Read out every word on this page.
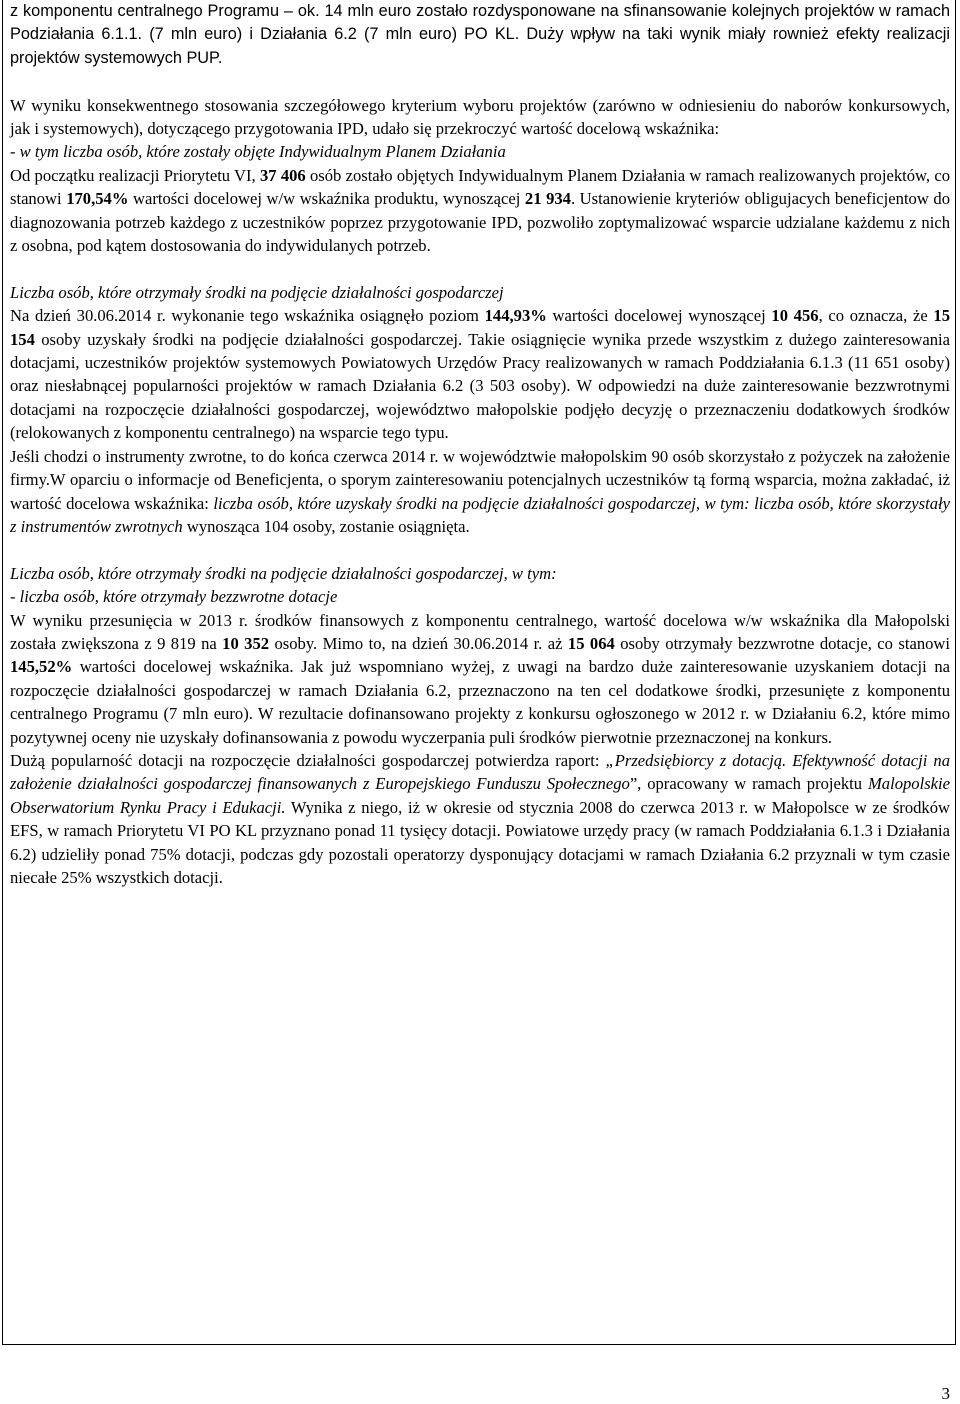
z komponentu centralnego Programu – ok. 14 mln euro zostało rozdysponowane na sfinansowanie kolejnych projektów w ramach Podziałania 6.1.1. (7 mln euro) i Działania 6.2 (7 mln euro) PO KL. Duży wpływ na taki wynik miały rownież efekty realizacji projektów systemowych PUP.

W wyniku konsekwentnego stosowania szczegółowego kryterium wyboru projektów (zarówno w odniesieniu do naborów konkursowych, jak i systemowych), dotyczącego przygotowania IPD, udało się przekroczyć wartość docelową wskaźnika:

- w tym liczba osób, które zostały objęte Indywidualnym Planem Działania

Od początku realizacji Priorytetu VI, 37 406 osób zostało objętych Indywidualnym Planem Działania w ramach realizowanych projektów, co stanowi 170,54% wartości docelowej w/w wskaźnika produktu, wynoszącej 21 934. Ustanowienie kryteriów obligujacych beneficjentow do diagnozowania potrzeb każdego z uczestników poprzez przygotowanie IPD, pozwoliło zoptymalizować wsparcie udzialane każdemu z nich z osobna, pod kątem dostosowania do indywidulanych potrzeb.

Liczba osób, które otrzymały środki na podjęcie działalności gospodarczej

Na dzień 30.06.2014 r. wykonanie tego wskaźnika osiągnęło poziom 144,93% wartości docelowej wynoszącej 10 456, co oznacza, że 15 154 osoby uzyskały środki na podjęcie działalności gospodarczej. Takie osiągnięcie wynika przede wszystkim z dużego zainteresowania dotacjami, uczestników projektów systemowych Powiatowych Urzędów Pracy realizowanych w ramach Poddziałania 6.1.3 (11 651 osoby) oraz niesłabnącej popularności projektów w ramach Działania 6.2 (3 503 osoby). W odpowiedzi na duże zainteresowanie bezzwrotnymi dotacjami na rozpoczęcie działalności gospodarczej, województwo małopolskie podjęło decyzję o przeznaczeniu dodatkowych środków (relokowanych z komponentu centralnego) na wsparcie tego typu.

Jeśli chodzi o instrumenty zwrotne, to do końca czerwca 2014 r. w województwie małopolskim 90 osób skorzystało z pożyczek na założenie firmy.W oparciu o informacje od Beneficjenta, o sporym zainteresowaniu potencjalnych uczestników tą formą wsparcia, można zakładać, iż wartość docelowa wskaźnika: liczba osób, które uzyskały środki na podjęcie działalności gospodarczej, w tym: liczba osób, które skorzystały z instrumentów zwrotnych wynosząca 104 osoby, zostanie osiągnięta.

Liczba osób, które otrzymały środki na podjęcie działalności gospodarczej, w tym:

- liczba osób, które otrzymały bezzwrotne dotacje

W wyniku przesunięcia w 2013 r. środków finansowych z komponentu centralnego, wartość docelowa w/w wskaźnika dla Małopolski została zwiększona z 9 819 na 10 352 osoby. Mimo to, na dzień 30.06.2014 r. aż 15 064 osoby otrzymały bezzwrotne dotacje, co stanowi 145,52% wartości docelowej wskaźnika. Jak już wspomniano wyżej, z uwagi na bardzo duże zainteresowanie uzyskaniem dotacji na rozpoczęcie działalności gospodarczej w ramach Działania 6.2, przeznaczono na ten cel dodatkowe środki, przesunięte z komponentu centralnego Programu (7 mln euro). W rezultacie dofinansowano projekty z konkursu ogłoszonego w 2012 r. w Działaniu 6.2, które mimo pozytywnej oceny nie uzyskały dofinansowania z powodu wyczerpania puli środków pierwotnie przeznaczonej na konkurs.

Dużą popularność dotacji na rozpoczęcie działalności gospodarczej potwierdza raport: „Przedsiębiorcy z dotacją. Efektywność dotacji na założenie działalności gospodarczej finansowanych z Europejskiego Funduszu Społecznego”, opracowany w ramach projektu Malopolskie Obserwatorium Rynku Pracy i Edukacji. Wynika z niego, iż w okresie od stycznia 2008 do czerwca 2013 r. w Małopolsce w ze środków EFS, w ramach Priorytetu VI PO KL przyznano ponad 11 tysięcy dotacji. Powiatowe urzędy pracy (w ramach Poddziałania 6.1.3 i Działania 6.2) udzieliły ponad 75% dotacji, podczas gdy pozostali operatorzy dysponujący dotacjami w ramach Działania 6.2 przyznali w tym czasie niecałe 25% wszystkich dotacji.

3
